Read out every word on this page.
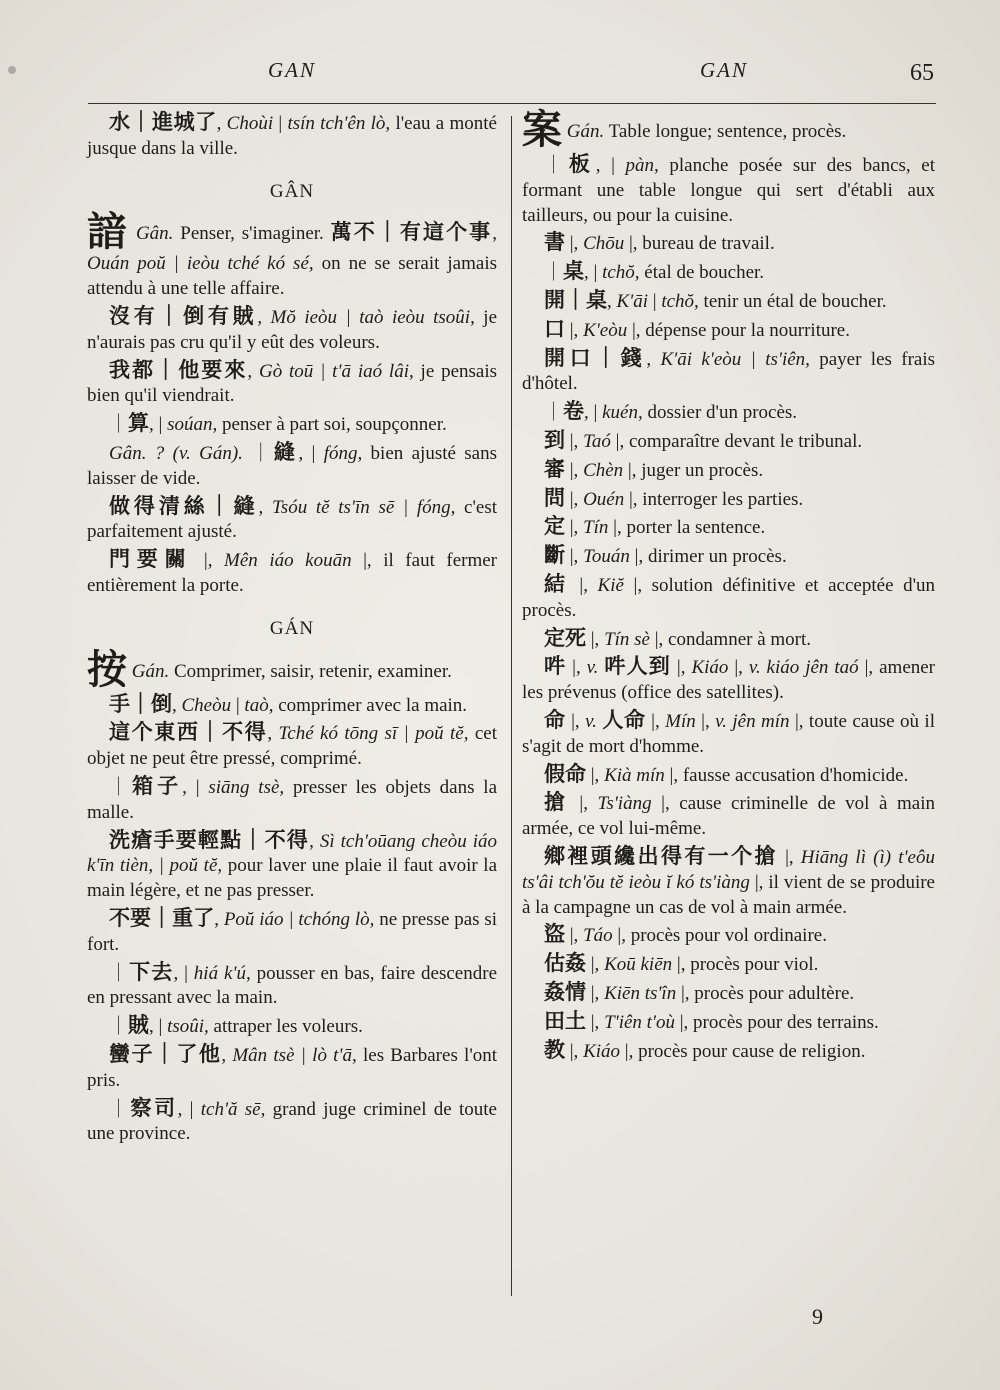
GAN	GAN	65
水｜進城了, Choùi | tsín tch'ên lò, l'eau a monté jusque dans la ville.
GÂN
諳 Gân. Penser, s'imaginer. 萬不｜有這个事, Ouán poŭ | ieòu tché kó sé, on ne se serait jamais attendu à une telle affaire.
沒有｜倒有賊, Mŏ ieòu | taò ieòu tsoûi, je n'aurais pas cru qu'il y eût des voleurs.
我都｜他要來, Gò toū | t'ā iaó lâi, je pensais bien qu'il viendrait.
｜算, | soúan, penser à part soi, soupçonner.
Gân. ? (v. Gán). ｜縫, | fóng, bien ajusté sans laisser de vide.
做得清絲｜縫, Tsóu tĕ ts'īn sē | fóng, c'est parfaitement ajusté.
門要關 |, Mên iáo kouān |, il faut fermer entièrement la porte.
GÁN
按 Gán. Comprimer, saisir, retenir, examiner.
手｜倒, Cheòu | taò, comprimer avec la main.
這个東西｜不得, Tché kó tōng sī | poŭ tĕ, cet objet ne peut être pressé, comprimé.
｜箱子, | siāng tsè, presser les objets dans la malle.
洗瘡手要輕點｜不得, Sì tch'oūang cheòu iáo k'īn tièn, | poŭ tĕ, pour laver une plaie il faut avoir la main légère, et ne pas presser.
不要｜重了, Poŭ iáo | tchóng lò, ne presse pas si fort.
｜下去, | hiá k'ú, pousser en bas, faire descendre en pressant avec la main.
｜賊, | tsoûi, attraper les voleurs.
蠻子｜了他, Mân tsè | lò t'ā, les Barbares l'ont pris.
｜察司, | tch'ă sē, grand juge criminel de toute une province.
案 Gán. Table longue; sentence, procès.
｜板, | pàn, planche posée sur des bancs, et formant une table longue qui sert d'établi aux tailleurs, ou pour la cuisine.
書 |, Chōu |, bureau de travail.
｜桌, | tchŏ, étal de boucher.
開｜桌, K'āi | tchŏ, tenir un étal de boucher.
口 |, K'eòu |, dépense pour la nourriture.
開口｜錢, K'āi k'eòu | ts'iên, payer les frais d'hôtel.
｜卷, | kuén, dossier d'un procès.
到 |, Taó |, comparaître devant le tribunal.
審 |, Chèn |, juger un procès.
問 |, Ouén |, interroger les parties.
定 |, Tín |, porter la sentence.
斷 |, Touán |, dirimer un procès.
結 |, Kiĕ |, solution définitive et acceptée d'un procès.
定死 |, Tín sè |, condamner à mort.
吽 |, v. 吽人到 |, Kiáo |, v. kiáo jên taó |, amener les prévenus (office des satellites).
命 |, v. 人命 |, Mín |, v. jên mín |, toute cause où il s'agit de mort d'homme.
假命 |, Kià mín |, fausse accusation d'homicide.
搶 |, Ts'iàng |, cause criminelle de vol à main armée, ce vol lui-même.
鄉裡頭纔出得有一个搶 |, Hiāng lì (ì) t'eôu ts'âi tch'ŏu tĕ ieòu ĭ kó ts'iàng |, il vient de se produire à la campagne un cas de vol à main armée.
盜 |, Táo |, procès pour vol ordinaire.
估姦 |, Koū kiēn |, procès pour viol.
姦情 |, Kiēn ts'în |, procès pour adultère.
田土 |, T'iên t'où |, procès pour des terrains.
教 |, Kiáo |, procès pour cause de religion.
9
